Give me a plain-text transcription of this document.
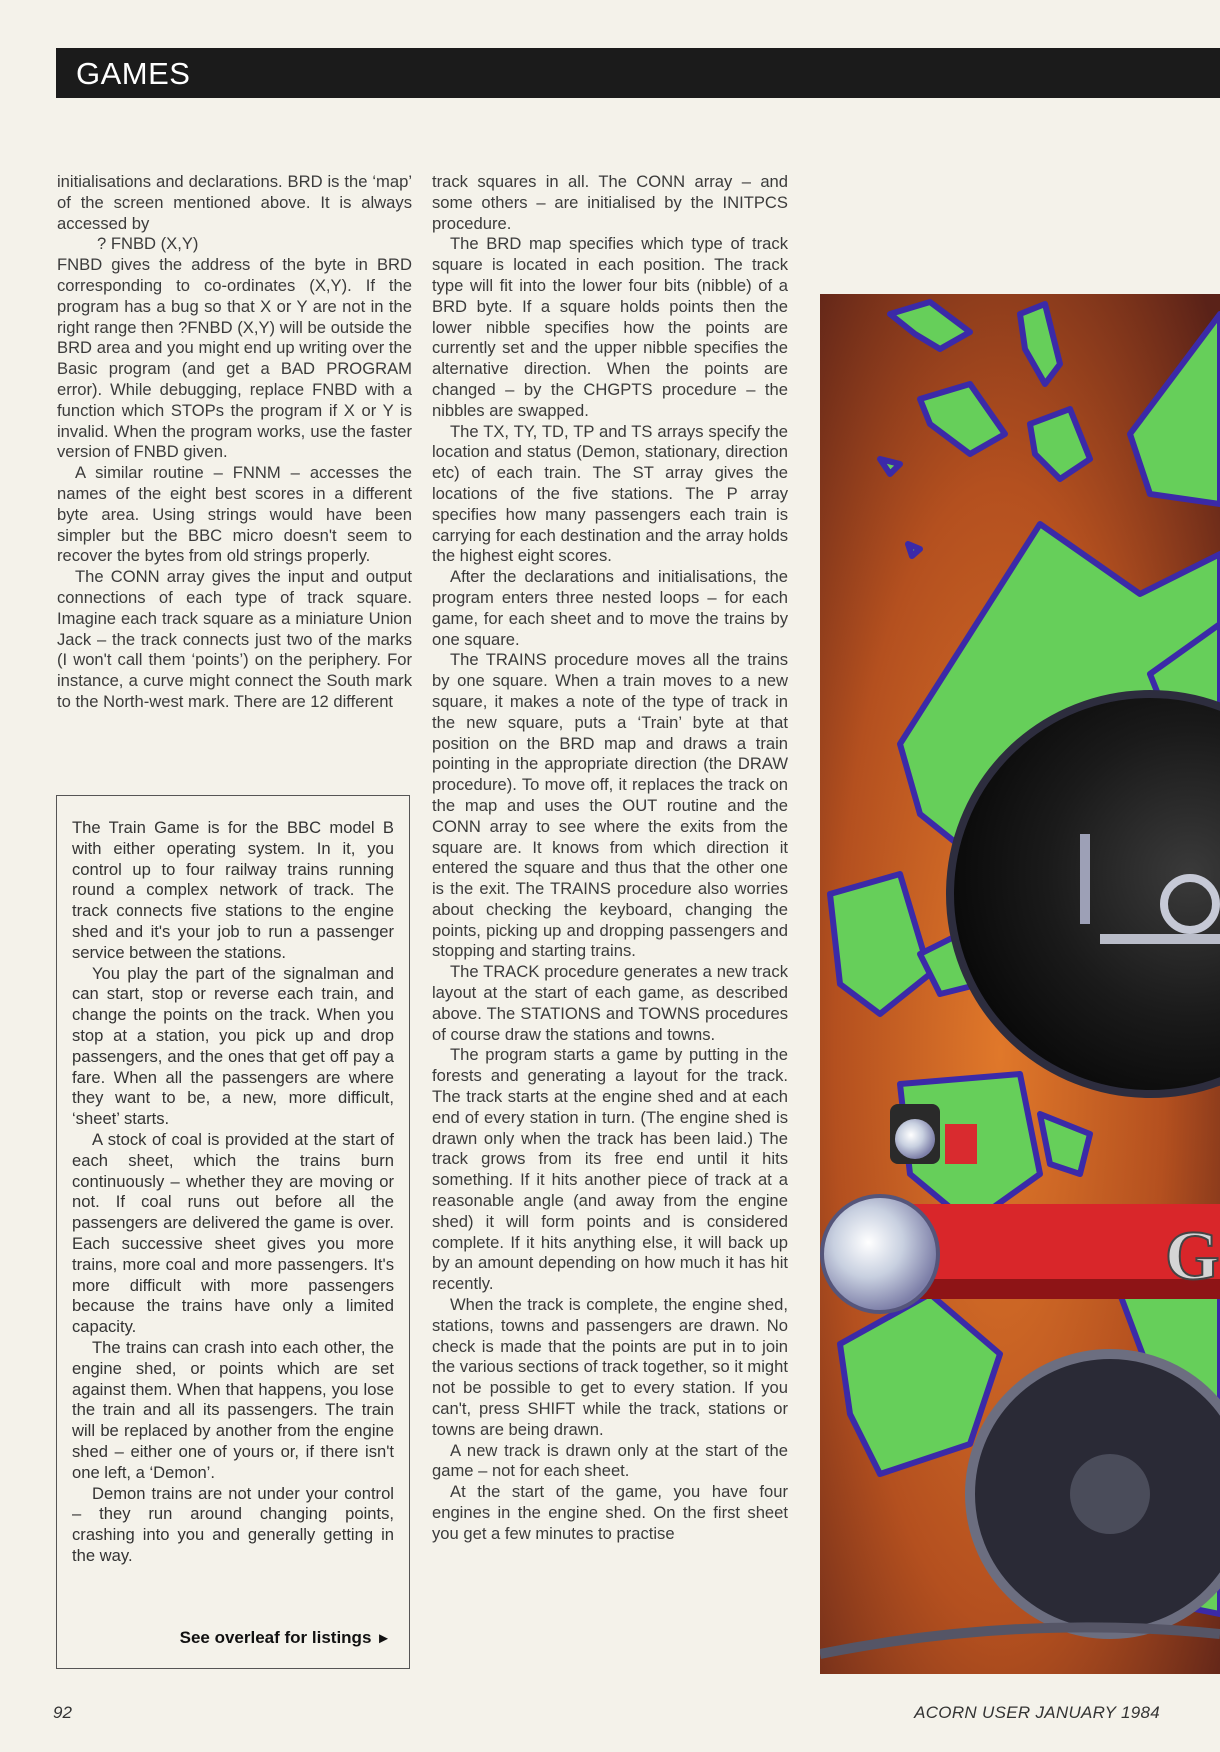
GAMES

initialisations and declarations. BRD is the ‘map’ of the screen mentioned above. It is always accessed by

? FNBD (X,Y)

FNBD gives the address of the byte in BRD corresponding to co-ordinates (X,Y). If the program has a bug so that X or Y are not in the right range then ?FNBD (X,Y) will be outside the BRD area and you might end up writing over the Basic program (and get a BAD PROGRAM error). While debugging, replace FNBD with a function which STOPs the program if X or Y is invalid. When the program works, use the faster version of FNBD given.

A similar routine – FNNM – accesses the names of the eight best scores in a different byte area. Using strings would have been simpler but the BBC micro doesn't seem to recover the bytes from old strings properly.

The CONN array gives the input and output connections of each type of track square. Imagine each track square as a miniature Union Jack – the track connects just two of the marks (I won't call them ‘points’) on the periphery. For instance, a curve might connect the South mark to the North-west mark. There are 12 different

track squares in all. The CONN array – and some others – are initialised by the INITPCS procedure.

The BRD map specifies which type of track square is located in each position. The track type will fit into the lower four bits (nibble) of a BRD byte. If a square holds points then the lower nibble specifies how the points are currently set and the upper nibble specifies the alternative direction. When the points are changed – by the CHGPTS procedure – the nibbles are swapped.

The TX, TY, TD, TP and TS arrays specify the location and status (Demon, stationary, direction etc) of each train. The ST array gives the locations of the five stations. The P array specifies how many passengers each train is carrying for each destination and the array holds the highest eight scores.

After the declarations and initialisations, the program enters three nested loops – for each game, for each sheet and to move the trains by one square.

The TRAINS procedure moves all the trains by one square. When a train moves to a new square, it makes a note of the type of track in the new square, puts a ‘Train’ byte at that position on the BRD map and draws a train pointing in the appropriate direction (the DRAW procedure). To move off, it replaces the track on the map and uses the OUT routine and the CONN array to see where the exits from the square are. It knows from which direction it entered the square and thus that the other one is the exit. The TRAINS procedure also worries about checking the keyboard, changing the points, picking up and dropping passengers and stopping and starting trains.

The TRACK procedure generates a new track layout at the start of each game, as described above. The STATIONS and TOWNS procedures of course draw the stations and towns.

The program starts a game by putting in the forests and generating a layout for the track. The track starts at the engine shed and at each end of every station in turn. (The engine shed is drawn only when the track has been laid.) The track grows from its free end until it hits something. If it hits another piece of track at a reasonable angle (and away from the engine shed) it will form points and is considered complete. If it hits anything else, it will back up by an amount depending on how much it has hit recently.

When the track is complete, the engine shed, stations, towns and passengers are drawn. No check is made that the points are put in to join the various sections of track together, so it might not be possible to get to every station. If you can't, press SHIFT while the track, stations or towns are being drawn.

A new track is drawn only at the start of the game – not for each sheet.

At the start of the game, you have four engines in the engine shed. On the first sheet you get a few minutes to practise

The Train Game is for the BBC model B with either operating system. In it, you control up to four railway trains running round a complex network of track. The track connects five stations to the engine shed and it's your job to run a passenger service between the stations.

You play the part of the signalman and can start, stop or reverse each train, and change the points on the track. When you stop at a station, you pick up and drop passengers, and the ones that get off pay a fare. When all the passengers are where they want to be, a new, more difficult, ‘sheet’ starts.

A stock of coal is provided at the start of each sheet, which the trains burn continuously – whether they are moving or not. If coal runs out before all the passengers are delivered the game is over. Each successive sheet gives you more trains, more coal and more passengers. It's more difficult with more passengers because the trains have only a limited capacity.

The trains can crash into each other, the engine shed, or points which are set against them. When that happens, you lose the train and all its passengers. The train will be replaced by another from the engine shed – either one of yours or, if there isn't one left, a ‘Demon’.

Demon trains are not under your control – they run around changing points, crashing into you and generally getting in the way.

See overleaf for listings ►
G
92	ACORN USER JANUARY 1984
